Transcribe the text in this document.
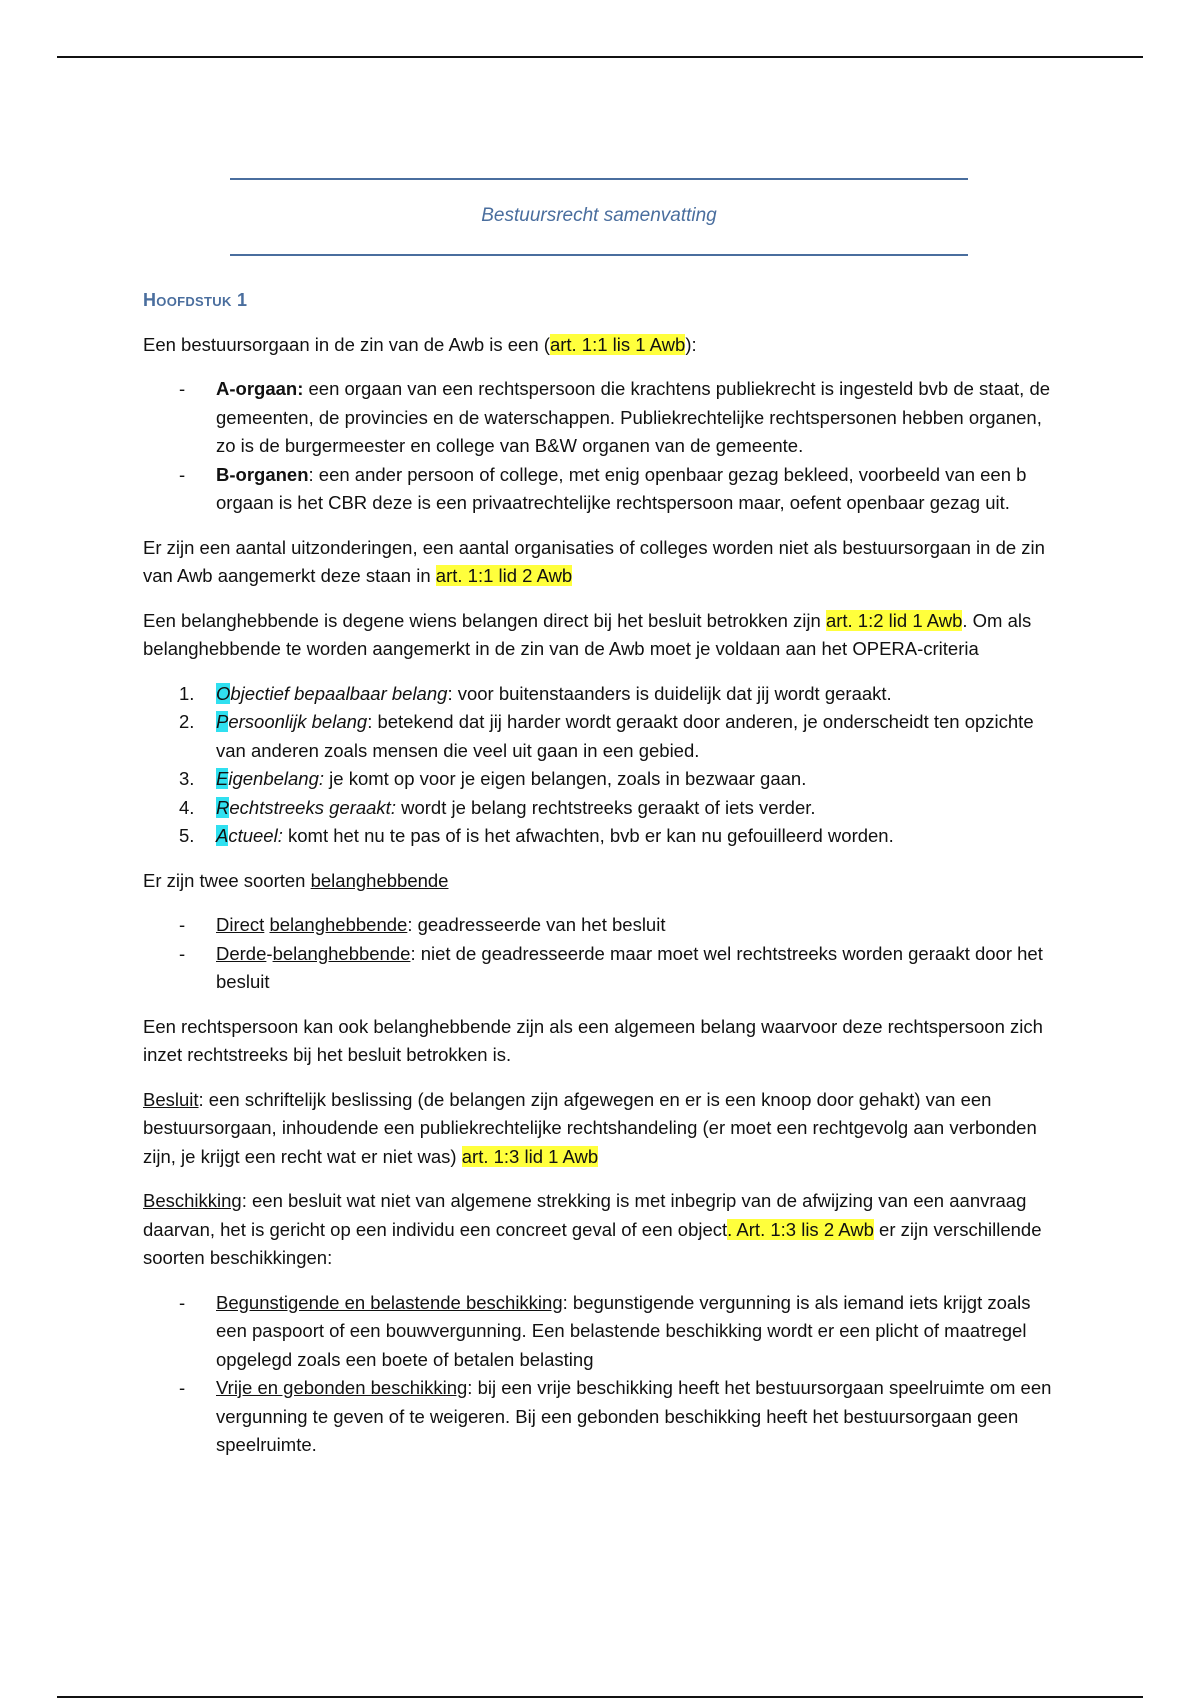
Bestuursrecht samenvatting
Hoofdstuk 1

Een bestuursorgaan in de zin van de Awb is een (art. 1:1 lis 1 Awb):

- A-orgaan: een orgaan van een rechtspersoon die krachtens publiekrecht is ingesteld bvb de staat, de gemeenten, de provincies en de waterschappen. Publiekrechtelijke rechtspersonen hebben organen, zo is de burgermeester en college van B&W organen van de gemeente.
- B-organen: een ander persoon of college, met enig openbaar gezag bekleed, voorbeeld van een b orgaan is het CBR deze is een privaatrechtelijke rechtspersoon maar, oefent openbaar gezag uit.

Er zijn een aantal uitzonderingen, een aantal organisaties of colleges worden niet als bestuursorgaan in de zin van Awb aangemerkt deze staan in art. 1:1 lid 2 Awb

Een belanghebbende is degene wiens belangen direct bij het besluit betrokken zijn art. 1:2 lid 1 Awb. Om als belanghebbende te worden aangemerkt in de zin van de Awb moet je voldaan aan het OPERA-criteria

1. Objectief bepaalbaar belang: voor buitenstaanders is duidelijk dat jij wordt geraakt.
2. Persoonlijk belang: betekend dat jij harder wordt geraakt door anderen, je onderscheidt ten opzichte van anderen zoals mensen die veel uit gaan in een gebied.
3. Eigenbelang: je komt op voor je eigen belangen, zoals in bezwaar gaan.
4. Rechtstreeks geraakt: wordt je belang rechtstreeks geraakt of iets verder.
5. Actueel: komt het nu te pas of is het afwachten, bvb er kan nu gefouilleerd worden.

Er zijn twee soorten belanghebbende

- Direct belanghebbende: geadresseerde van het besluit
- Derde-belanghebbende: niet de geadresseerde maar moet wel rechtstreeks worden geraakt door het besluit

Een rechtspersoon kan ook belanghebbende zijn als een algemeen belang waarvoor deze rechtspersoon zich inzet rechtstreeks bij het besluit betrokken is.

Besluit: een schriftelijk beslissing (de belangen zijn afgewegen en er is een knoop door gehakt) van een bestuursorgaan, inhoudende een publiekrechtelijke rechtshandeling (er moet een rechtgevolg aan verbonden zijn, je krijgt een recht wat er niet was) art. 1:3 lid 1 Awb

Beschikking: een besluit wat niet van algemene strekking is met inbegrip van de afwijzing van een aanvraag daarvan, het is gericht op een individu een concreet geval of een object. Art. 1:3 lis 2 Awb er zijn verschillende soorten beschikkingen:

- Begunstigende en belastende beschikking: begunstigende vergunning is als iemand iets krijgt zoals een paspoort of een bouwvergunning. Een belastende beschikking wordt er een plicht of maatregel opgelegd zoals een boete of betalen belasting
- Vrije en gebonden beschikking: bij een vrije beschikking heeft het bestuursorgaan speelruimte om een vergunning te geven of te weigeren. Bij een gebonden beschikking heeft het bestuursorgaan geen speelruimte.
